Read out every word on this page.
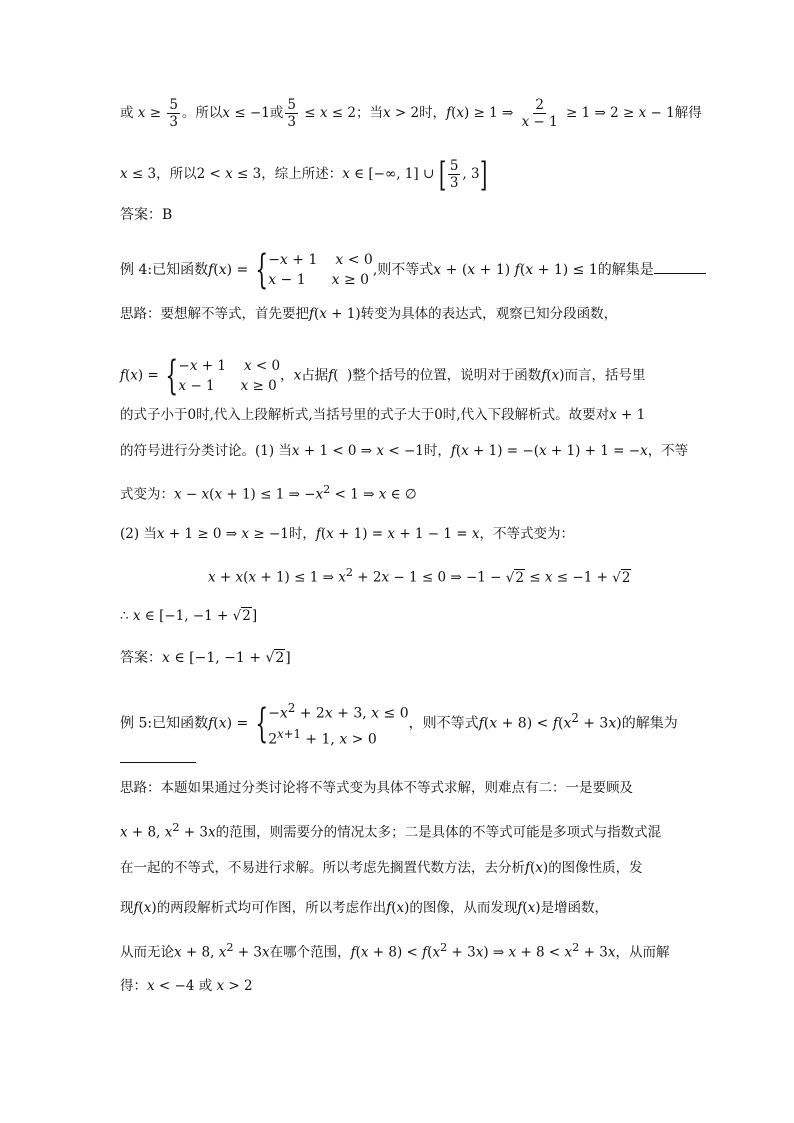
或 $x \ge \frac{5}{3}$ 。所以x ≤ −1或 $\frac{5}{3} \le x \le 2$；当x > 2时，f(x) ≥ 1 ⇒ $\frac{2}{x - 1} \ge 1$ ⇒ 2 ≥ x − 1解得
x ≤ 3，所以2 < x ≤ 3，综上所述：x ∈ [−∞, 1] ∪ [ $\frac{5}{3}$ , 3]
答案：B
例 4:已知函数f(x) = { −x + 1 x < 0
x − 1 x ≥ 0
,则不等式x + (x + 1) f(x + 1) ≤ 1的解集是
思路：要想解不等式，首先要把f(x + 1)转变为具体的表达式，观察已知分段函数，
f(x) = { −x + 1 x < 0
x − 1 x ≥ 0
，x占据f(  )整个括号的位置，说明对于函数f(x)而言，括号里
的式子小于0时,代入上段解析式,当括号里的式子大于0时,代入下段解析式。故要对x + 1
的符号进行分类讨论。(1) 当x + 1 < 0 ⇒ x < −1时，f(x + 1) = −(x + 1) + 1 = −x，不等
式变为：x − x(x + 1) ≤ 1 ⇒ $-x^2 < 1$ ⇒ x ∈ ∅
(2) 当x + 1 ≥ 0 ⇒ x ≥ −1时，f(x + 1) = x + 1 − 1 = x，不等式变为：
x + x(x + 1) ≤ 1 ⇒ $x^2 + 2x - 1 \le 0$ ⇒ −1 − √2 ≤ x ≤ −1 + √2
∴ x ∈ [−1, −1 + √2]
答案：x ∈ [−1, −1 + √2]
例 5:已知函数f(x) = { $-x^2 + 2x + 3$, x ≤ 0
$2^{x+1} + 1$, x > 0
，则不等式$f(x + 8) < f(x^2 + 3x)$的解集为
思路：本题如果通过分类讨论将不等式变为具体不等式求解，则难点有二：一是要顾及
x + 8, $x^2 + 3x$的范围，则需要分的情况太多；二是具体的不等式可能是多项式与指数式混
在一起的不等式，不易进行求解。所以考虑先搁置代数方法，去分析f(x)的图像性质，发
现f(x)的两段解析式均可作图，所以考虑作出f(x)的图像，从而发现f(x)是增函数，
从而无论x + 8, $x^2 + 3x$在哪个范围，$f(x + 8) < f(x^2 + 3x)$ ⇒ $x + 8 < x^2 + 3x$，从而解
得：x < −4 或 x > 2
